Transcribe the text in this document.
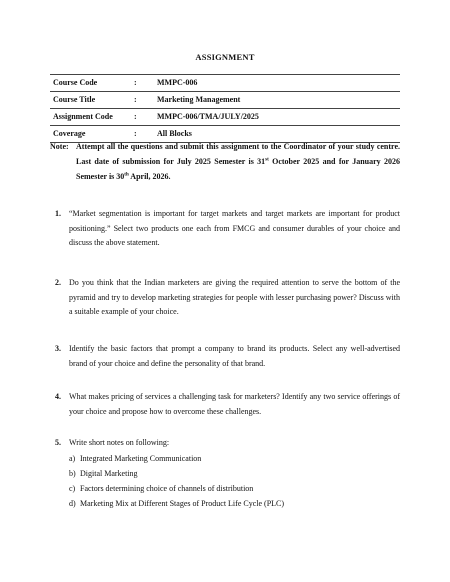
ASSIGNMENT
Course Code	:	MMPC-006
Course Title	:	Marketing Management
Assignment Code	:	MMPC-006/TMA/JULY/2025
Coverage	:	All Blocks
Note: Attempt all the questions and submit this assignment to the Coordinator of your study centre. Last date of submission for July 2025 Semester is 31st October 2025 and for January 2026 Semester is 30th April, 2026.
1. “Market segmentation is important for target markets and target markets are important for product positioning.” Select two products one each from FMCG and consumer durables of your choice and discuss the above statement.
2. Do you think that the Indian marketers are giving the required attention to serve the bottom of the pyramid and try to develop marketing strategies for people with lesser purchasing power? Discuss with a suitable example of your choice.
3. Identify the basic factors that prompt a company to brand its products. Select any well-advertised brand of your choice and define the personality of that brand.
4. What makes pricing of services a challenging task for marketers? Identify any two service offerings of your choice and propose how to overcome these challenges.
5. Write short notes on following:
a) Integrated Marketing Communication
b) Digital Marketing
c) Factors determining choice of channels of distribution
d) Marketing Mix at Different Stages of Product Life Cycle (PLC)
